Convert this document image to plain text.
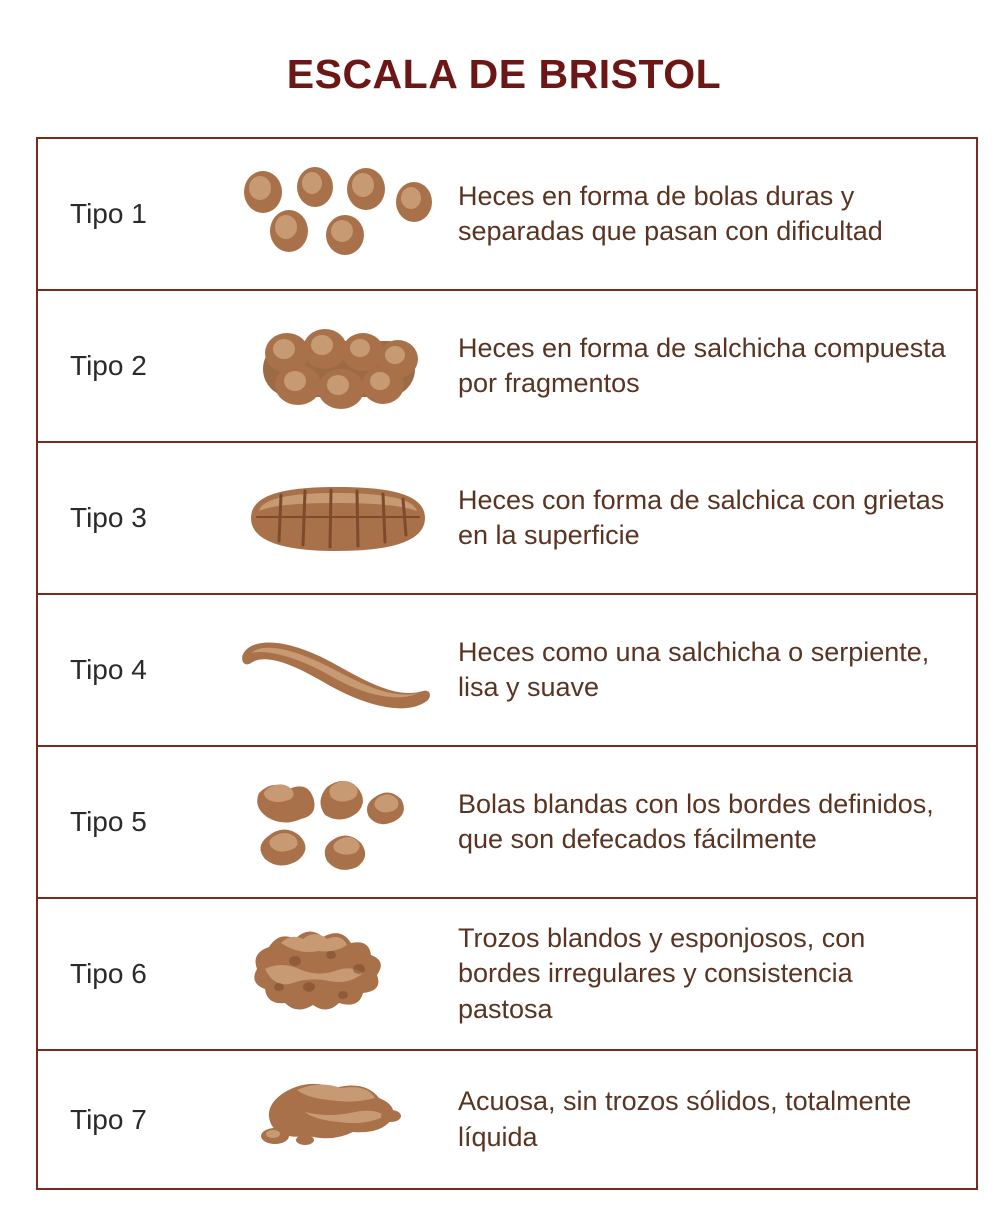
ESCALA DE BRISTOL
Tipo 1
Heces en forma de bolas duras y separadas que pasan con dificultad
Tipo 2
Heces en forma de salchicha compuesta por fragmentos
Tipo 3
Heces con forma de salchica con grietas en la superficie
Tipo 4
Heces como una salchicha o serpiente, lisa y suave
Tipo 5
Bolas blandas con los bordes definidos, que son defecados fácilmente
Tipo 6
Trozos blandos y esponjosos, con bordes irregulares y consistencia pastosa
Tipo 7
Acuosa, sin trozos sólidos, totalmente líquida
